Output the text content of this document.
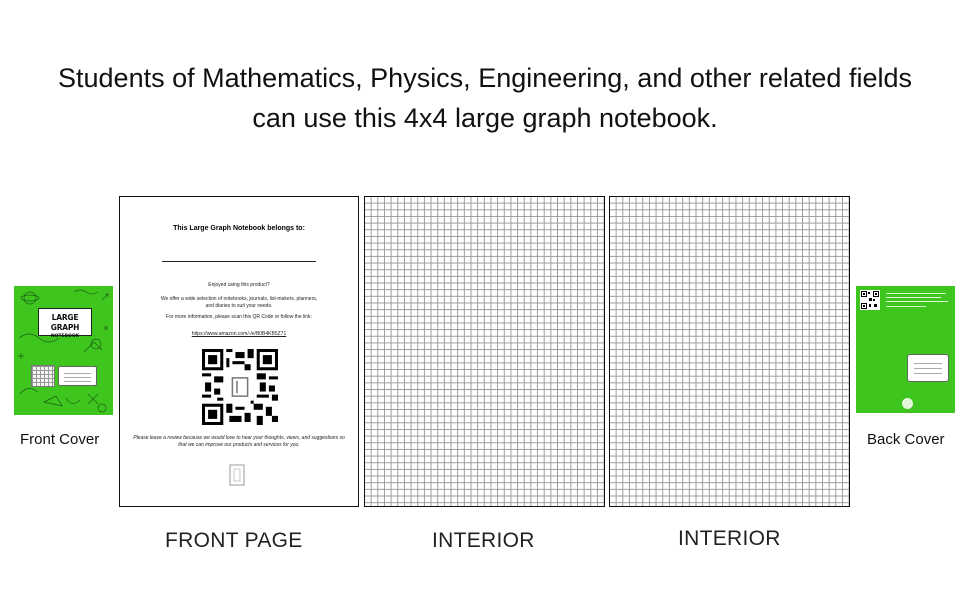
Students of Mathematics, Physics, Engineering, and other related fields
can use this 4x4 large graph notebook.
LARGE GRAPH
NOTEBOOK
Front Cover
This Large Graph Notebook belongs to:
Enjoyed using this product?
We offer a wide selection of notebooks, journals, list-makers, planners, and diaries to suit your needs.
For more information, please scan this QR Code or follow the link:
https://www.amazon.com/-/e/B0B4KB5Z71
Please leave a review because we would love to hear your thoughts, views, and suggestions so that we can improve our products and services for you.
FRONT PAGE	INTERIOR	INTERIOR
Back Cover
